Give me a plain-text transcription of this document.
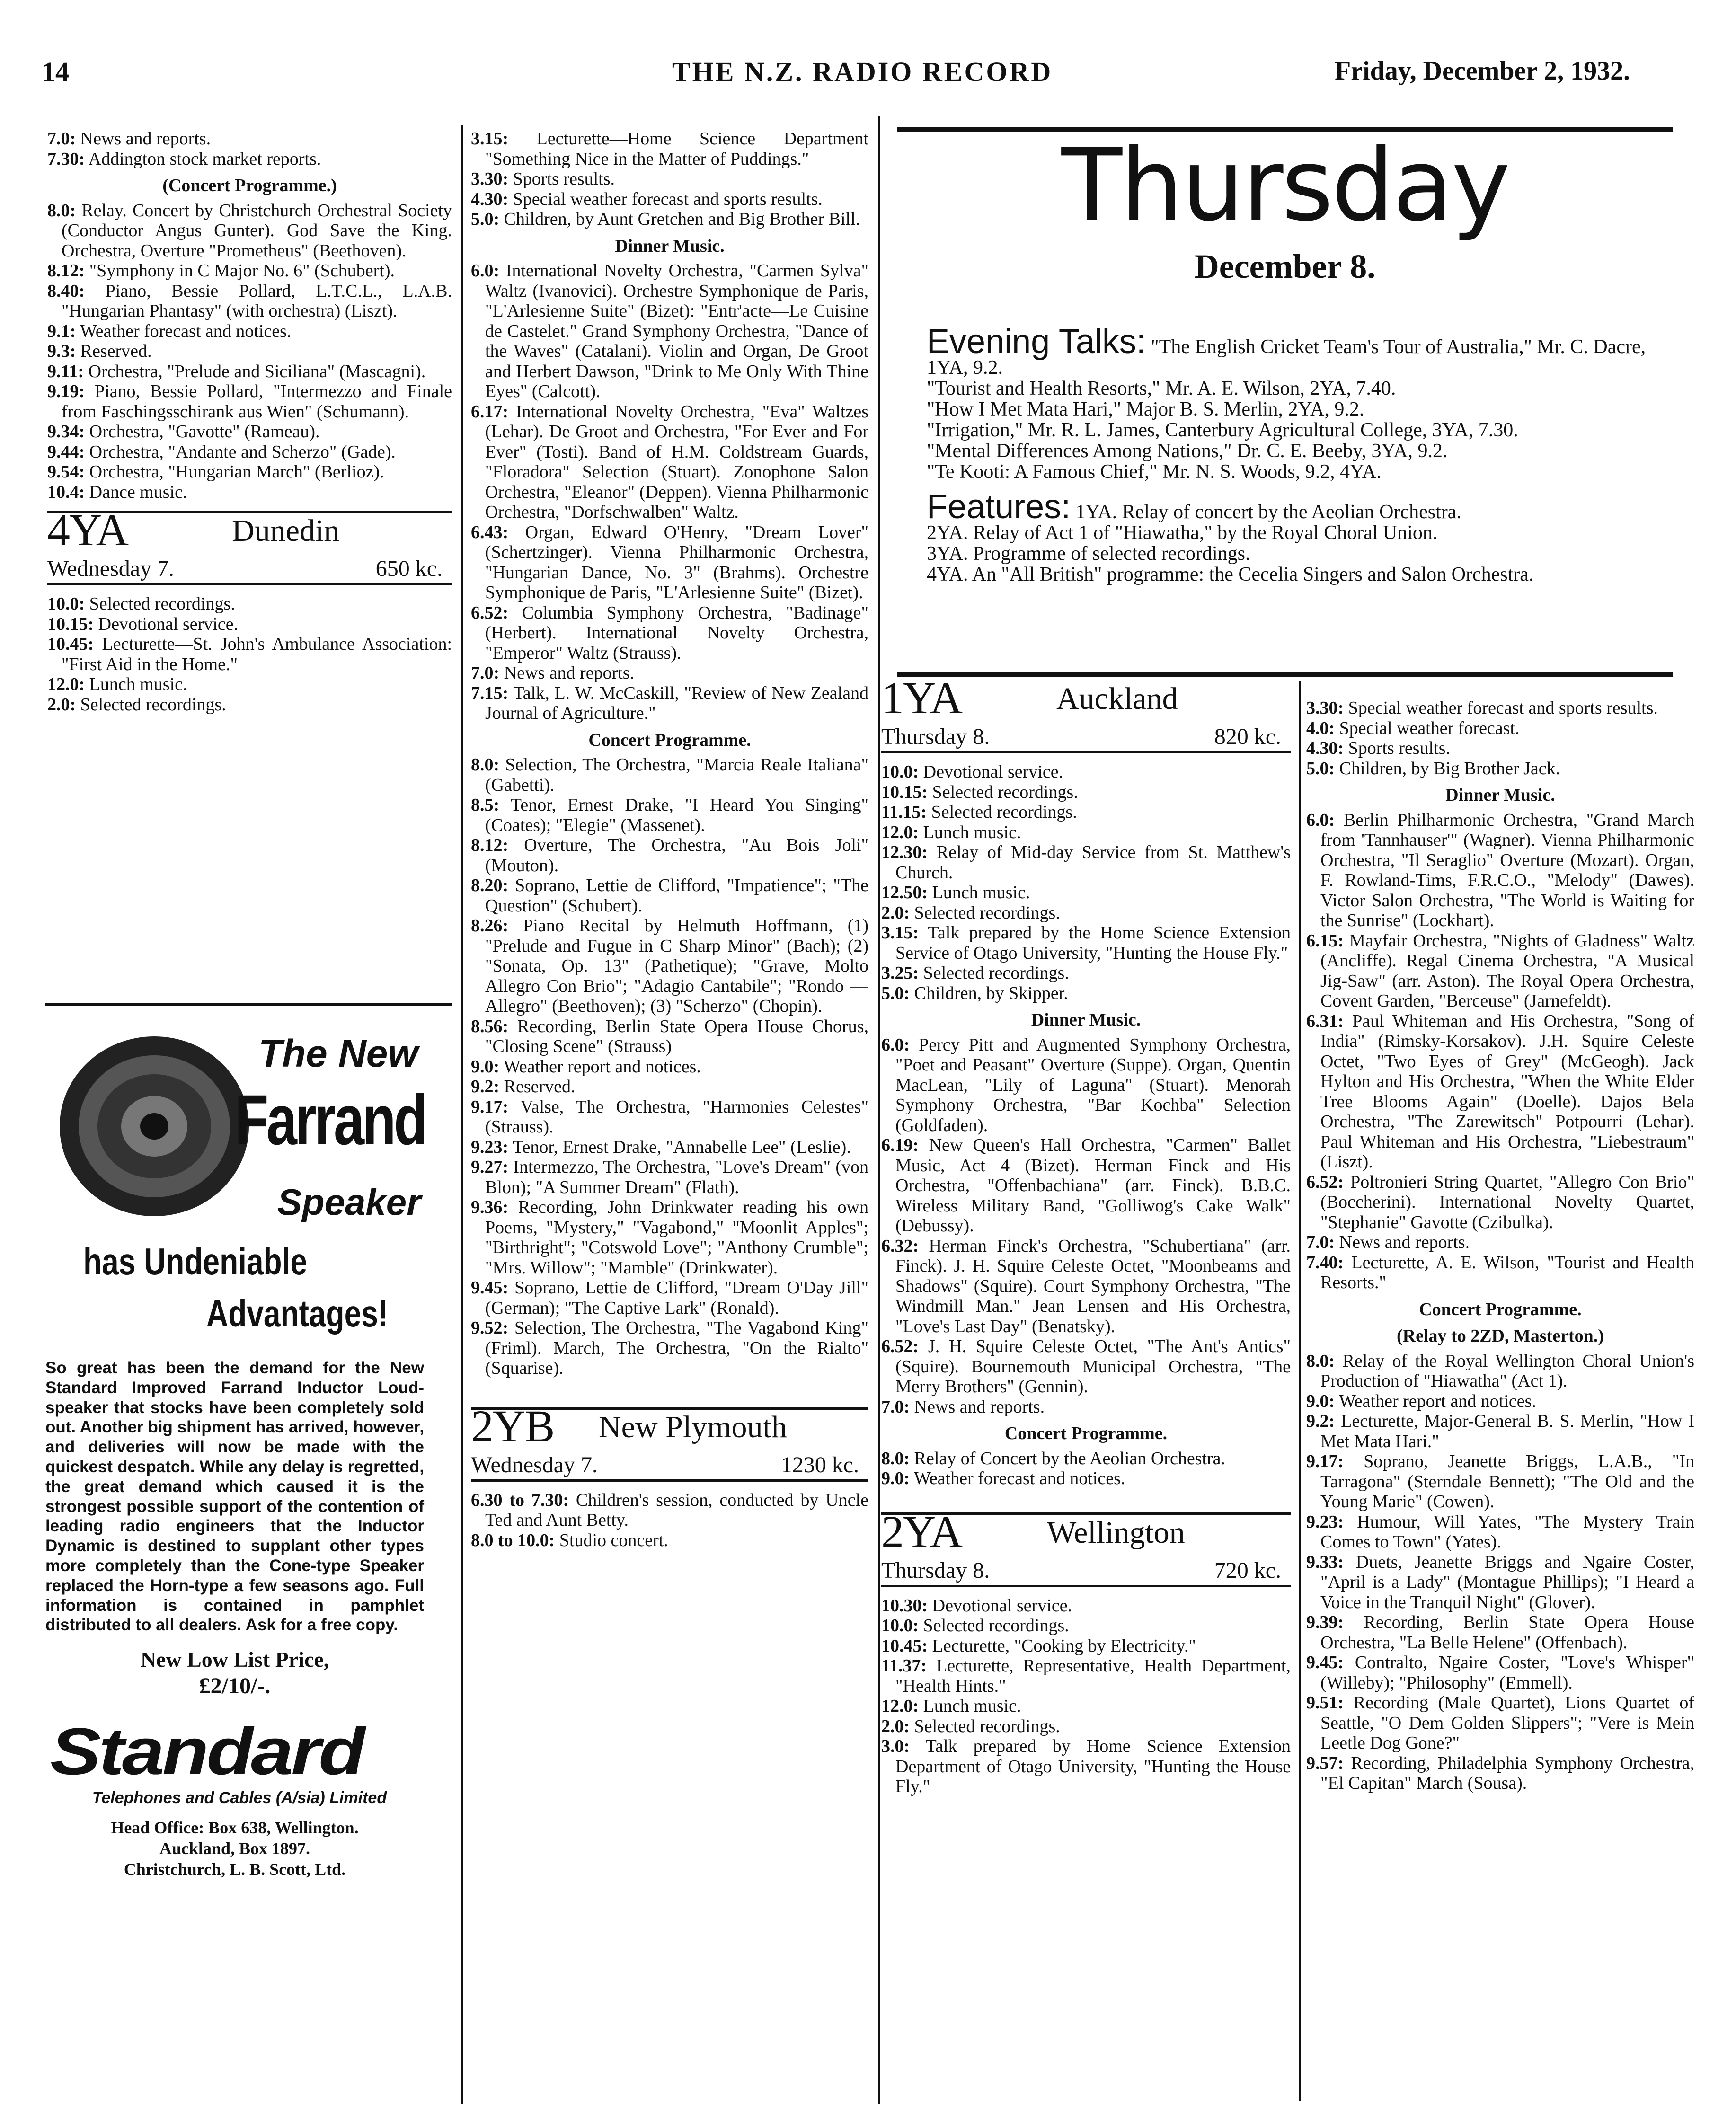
14	THE N.Z. RADIO RECORD	Friday, December 2, 1932.

7.0: News and reports.

7.30: Addington stock market reports.

(Concert Programme.)

8.0: Relay. Concert by Christchurch Orchestral Society (Conductor Angus Gunter). God Save the King. Orchestra, Overture "Prometheus" (Beethoven).

8.12: "Symphony in C Major No. 6" (Schubert).

8.40: Piano, Bessie Pollard, L.T.C.L., L.A.B. "Hungarian Phantasy" (with orchestra) (Liszt).

9.1: Weather forecast and notices.

9.3: Reserved.

9.11: Orchestra, "Prelude and Siciliana" (Mascagni).

9.19: Piano, Bessie Pollard, "Intermezzo and Finale from Faschingsschirank aus Wien" (Schumann).

9.34: Orchestra, "Gavotte" (Rameau).

9.44: Orchestra, "Andante and Scherzo" (Gade).

9.54: Orchestra, "Hungarian March" (Berlioz).

10.4: Dance music.

4YA	Dunedin
Wednesday 7.	650 kc.

10.0: Selected recordings.

10.15: Devotional service.

10.45: Lecturette—St. John's Ambulance Association: "First Aid in the Home."

12.0: Lunch music.

2.0: Selected recordings.

The New
Farrand
Speaker
has Undeniable
Advantages!
So great has been the demand for the New Standard Improved Farrand Inductor Loud-speaker that stocks have been completely sold out. Another big shipment has arrived, however, and deliveries will now be made with the quickest despatch. While any delay is regretted, the great demand which caused it is the strongest possible support of the contention of leading radio engineers that the Inductor Dynamic is destined to supplant other types more completely than the Cone-type Speaker replaced the Horn-type a few seasons ago. Full information is contained in pamphlet distributed to all dealers. Ask for a free copy.
New Low List Price,
£2/10/-.
Standard
Telephones and Cables (A/sia) Limited
Head Office: Box 638, Wellington.
Auckland, Box 1897.
Christchurch, L. B. Scott, Ltd.

3.15: Lecturette—Home Science Department "Something Nice in the Matter of Puddings."

3.30: Sports results.

4.30: Special weather forecast and sports results.

5.0: Children, by Aunt Gretchen and Big Brother Bill.

Dinner Music.

6.0: International Novelty Orchestra, "Carmen Sylva" Waltz (Ivanovici). Orchestre Symphonique de Paris, "L'Arlesienne Suite" (Bizet): "Entr'acte—Le Cuisine de Castelet." Grand Symphony Orchestra, "Dance of the Waves" (Catalani). Violin and Organ, De Groot and Herbert Dawson, "Drink to Me Only With Thine Eyes" (Calcott).

6.17: International Novelty Orchestra, "Eva" Waltzes (Lehar). De Groot and Orchestra, "For Ever and For Ever" (Tosti). Band of H.M. Coldstream Guards, "Floradora" Selection (Stuart). Zonophone Salon Orchestra, "Eleanor" (Deppen). Vienna Philharmonic Orchestra, "Dorfschwalben" Waltz.

6.43: Organ, Edward O'Henry, "Dream Lover" (Schertzinger). Vienna Philharmonic Orchestra, "Hungarian Dance, No. 3" (Brahms). Orchestre Symphonique de Paris, "L'Arlesienne Suite" (Bizet).

6.52: Columbia Symphony Orchestra, "Badinage" (Herbert). International Novelty Orchestra, "Emperor" Waltz (Strauss).

7.0: News and reports.

7.15: Talk, L. W. McCaskill, "Review of New Zealand Journal of Agriculture."

Concert Programme.

8.0: Selection, The Orchestra, "Marcia Reale Italiana" (Gabetti).

8.5: Tenor, Ernest Drake, "I Heard You Singing" (Coates); "Elegie" (Massenet).

8.12: Overture, The Orchestra, "Au Bois Joli" (Mouton).

8.20: Soprano, Lettie de Clifford, "Impatience"; "The Question" (Schubert).

8.26: Piano Recital by Helmuth Hoffmann, (1) "Prelude and Fugue in C Sharp Minor" (Bach); (2) "Sonata, Op. 13" (Pathetique); "Grave, Molto Allegro Con Brio"; "Adagio Cantabile"; "Rondo —Allegro" (Beethoven); (3) "Scherzo" (Chopin).

8.56: Recording, Berlin State Opera House Chorus, "Closing Scene" (Strauss)

9.0: Weather report and notices.

9.2: Reserved.

9.17: Valse, The Orchestra, "Harmonies Celestes" (Strauss).

9.23: Tenor, Ernest Drake, "Annabelle Lee" (Leslie).

9.27: Intermezzo, The Orchestra, "Love's Dream" (von Blon); "A Summer Dream" (Flath).

9.36: Recording, John Drinkwater reading his own Poems, "Mystery," "Vagabond," "Moonlit Apples"; "Birthright"; "Cotswold Love"; "Anthony Crumble"; "Mrs. Willow"; "Mamble" (Drinkwater).

9.45: Soprano, Lettie de Clifford, "Dream O'Day Jill" (German); "The Captive Lark" (Ronald).

9.52: Selection, The Orchestra, "The Vagabond King" (Friml). March, The Orchestra, "On the Rialto" (Squarise).

2YB New Plymouth
Wednesday 7.	1230 kc.

6.30 to 7.30: Children's session, conducted by Uncle Ted and Aunt Betty.

8.0 to 10.0: Studio concert.

Thursday
December 8.

Evening Talks: "The English Cricket Team's Tour of Australia," Mr. C. Dacre, 1YA, 9.2.

"Tourist and Health Resorts," Mr. A. E. Wilson, 2YA, 7.40.

"How I Met Mata Hari," Major B. S. Merlin, 2YA, 9.2.

"Irrigation," Mr. R. L. James, Canterbury Agricultural College, 3YA, 7.30.

"Mental Differences Among Nations," Dr. C. E. Beeby, 3YA, 9.2.

"Te Kooti: A Famous Chief," Mr. N. S. Woods, 9.2, 4YA.

Features: 1YA. Relay of concert by the Aeolian Orchestra.

2YA. Relay of Act 1 of "Hiawatha," by the Royal Choral Union.

3YA. Programme of selected recordings.

4YA. An "All British" programme: the Cecelia Singers and Salon Orchestra.

1YA	Auckland
Thursday 8.	820 kc.

10.0: Devotional service.

10.15: Selected recordings.

11.15: Selected recordings.

12.0: Lunch music.

12.30: Relay of Mid-day Service from St. Matthew's Church.

12.50: Lunch music.

2.0: Selected recordings.

3.15: Talk prepared by the Home Science Extension Service of Otago University, "Hunting the House Fly."

3.25: Selected recordings.

5.0: Children, by Skipper.

Dinner Music.

6.0: Percy Pitt and Augmented Symphony Orchestra, "Poet and Peasant" Overture (Suppe). Organ, Quentin MacLean, "Lily of Laguna" (Stuart). Menorah Symphony Orchestra, "Bar Kochba" Selection (Goldfaden).

6.19: New Queen's Hall Orchestra, "Carmen" Ballet Music, Act 4 (Bizet). Herman Finck and His Orchestra, "Offenbachiana" (arr. Finck). B.B.C. Wireless Military Band, "Golliwog's Cake Walk" (Debussy).

6.32: Herman Finck's Orchestra, "Schubertiana" (arr. Finck). J. H. Squire Celeste Octet, "Moonbeams and Shadows" (Squire). Court Symphony Orchestra, "The Windmill Man." Jean Lensen and His Orchestra, "Love's Last Day" (Benatsky).

6.52: J. H. Squire Celeste Octet, "The Ant's Antics" (Squire). Bournemouth Municipal Orchestra, "The Merry Brothers" (Gennin).

7.0: News and reports.

Concert Programme.

8.0: Relay of Concert by the Aeolian Orchestra.

9.0: Weather forecast and notices.

2YA	Wellington
Thursday 8.	720 kc.

10.30: Devotional service.

10.0: Selected recordings.

10.45: Lecturette, "Cooking by Electricity."

11.37: Lecturette, Representative, Health Department, "Health Hints."

12.0: Lunch music.

2.0: Selected recordings.

3.0: Talk prepared by Home Science Extension Department of Otago University, "Hunting the House Fly."

3.30: Special weather forecast and sports results.

4.0: Special weather forecast.

4.30: Sports results.

5.0: Children, by Big Brother Jack.

Dinner Music.

6.0: Berlin Philharmonic Orchestra, "Grand March from 'Tannhauser'" (Wagner). Vienna Philharmonic Orchestra, "Il Seraglio" Overture (Mozart). Organ, F. Rowland-Tims, F.R.C.O., "Melody" (Dawes). Victor Salon Orchestra, "The World is Waiting for the Sunrise" (Lockhart).

6.15: Mayfair Orchestra, "Nights of Gladness" Waltz (Ancliffe). Regal Cinema Orchestra, "A Musical Jig-Saw" (arr. Aston). The Royal Opera Orchestra, Covent Garden, "Berceuse" (Jarnefeldt).

6.31: Paul Whiteman and His Orchestra, "Song of India" (Rimsky-Korsakov). J.H. Squire Celeste Octet, "Two Eyes of Grey" (McGeogh). Jack Hylton and His Orchestra, "When the White Elder Tree Blooms Again" (Doelle). Dajos Bela Orchestra, "The Zarewitsch" Potpourri (Lehar). Paul Whiteman and His Orchestra, "Liebestraum" (Liszt).

6.52: Poltronieri String Quartet, "Allegro Con Brio" (Boccherini). International Novelty Quartet, "Stephanie" Gavotte (Czibulka).

7.0: News and reports.

7.40: Lecturette, A. E. Wilson, "Tourist and Health Resorts."

Concert Programme.

(Relay to 2ZD, Masterton.)

8.0: Relay of the Royal Wellington Choral Union's Production of "Hiawatha" (Act 1).

9.0: Weather report and notices.

9.2: Lecturette, Major-General B. S. Merlin, "How I Met Mata Hari."

9.17: Soprano, Jeanette Briggs, L.A.B., "In Tarragona" (Sterndale Bennett); "The Old and the Young Marie" (Cowen).

9.23: Humour, Will Yates, "The Mystery Train Comes to Town" (Yates).

9.33: Duets, Jeanette Briggs and Ngaire Coster, "April is a Lady" (Montague Phillips); "I Heard a Voice in the Tranquil Night" (Glover).

9.39: Recording, Berlin State Opera House Orchestra, "La Belle Helene" (Offenbach).

9.45: Contralto, Ngaire Coster, "Love's Whisper" (Willeby); "Philosophy" (Emmell).

9.51: Recording (Male Quartet), Lions Quartet of Seattle, "O Dem Golden Slippers"; "Vere is Mein Leetle Dog Gone?"

9.57: Recording, Philadelphia Symphony Orchestra, "El Capitan" March (Sousa).
